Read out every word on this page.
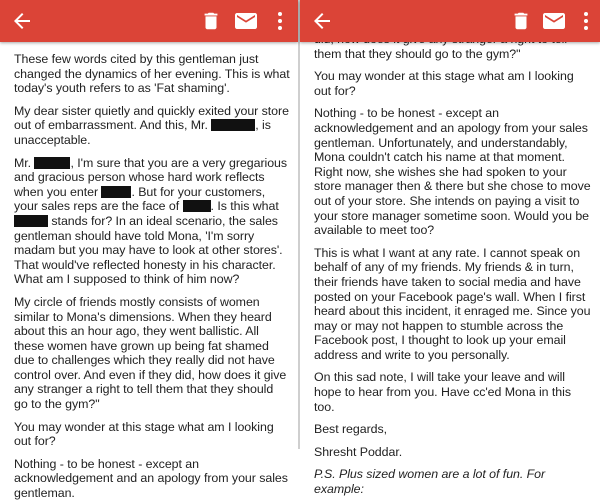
These few words cited by this gentleman just changed the dynamics of her evening. This is what today's youth refers to as 'Fat shaming'.

My dear sister quietly and quickly exited your store out of embarrassment. And this, Mr.	, is unacceptable.

Mr.	, I'm sure that you are a very gregarious and gracious person whose hard work reflects when you enter	. But for your customers, your sales reps are the face of	. Is this what  stands for? In an ideal scenario, the sales gentleman should have told Mona, 'I'm sorry madam but you may have to look at other stores'. That would've reflected honesty in his character. What am I supposed to think of him now?

My circle of friends mostly consists of women similar to Mona's dimensions. When they heard about this an hour ago, they went ballistic. All these women have grown up being fat shamed due to challenges which they really did not have control over. And even if they did, how does it give any stranger a right to tell them that they should go to the gym?"

You may wonder at this stage what am I looking out for?

Nothing - to be honest - except an acknowledgement and an apology from your sales gentleman.

them that they should go to the gym?"

You may wonder at this stage what am I looking out for?

Nothing - to be honest - except an acknowledgement and an apology from your sales gentleman. Unfortunately, and understandably, Mona couldn't catch his name at that moment. Right now, she wishes she had spoken to your store manager then & there but she chose to move out of your store. She intends on paying a visit to your store manager sometime soon. Would you be available to meet too?

This is what I want at any rate. I cannot speak on behalf of any of my friends. My friends & in turn, their friends have taken to social media and have posted on your Facebook page's wall. When I first heard about this incident, it enraged me. Since you may or may not happen to stumble across the Facebook post, I thought to look up your email address and write to you personally.

On this sad note, I will take your leave and will hope to hear from you. Have cc'ed Mona in this too.

Best regards,

Shresht Poddar.

P.S. Plus sized women are a lot of fun. For example:
